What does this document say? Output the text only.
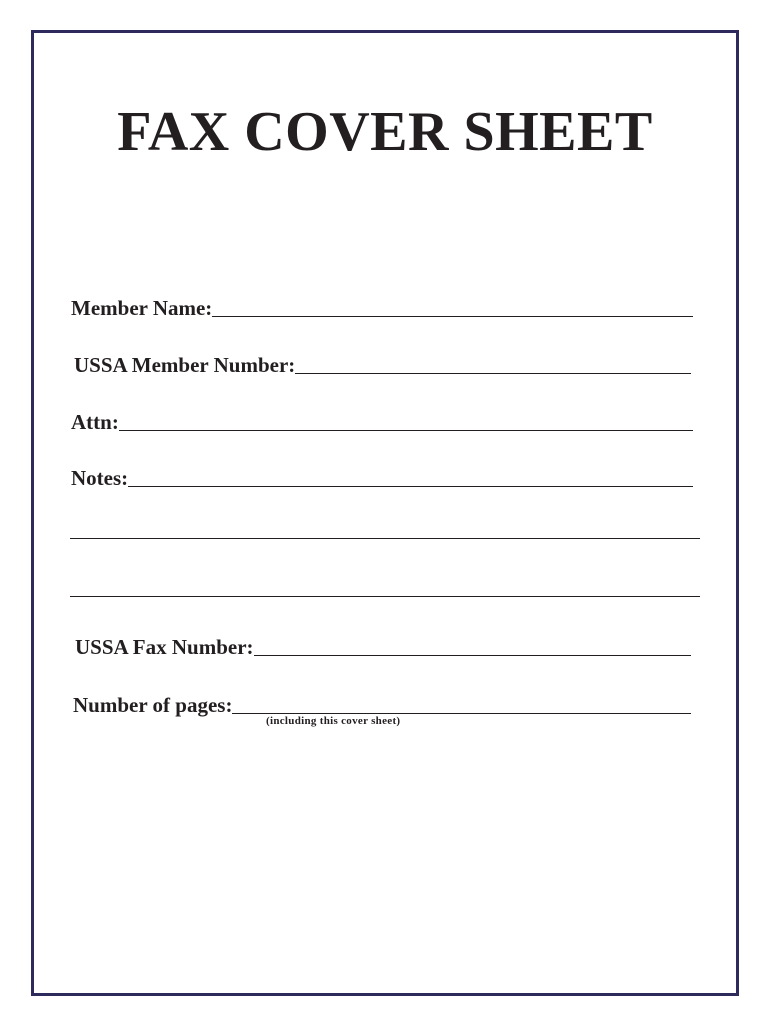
FAX COVER SHEET
Member Name:
USSA Member Number:
Attn:
Notes:
USSA Fax Number:
Number of pages:
(including this cover sheet)
